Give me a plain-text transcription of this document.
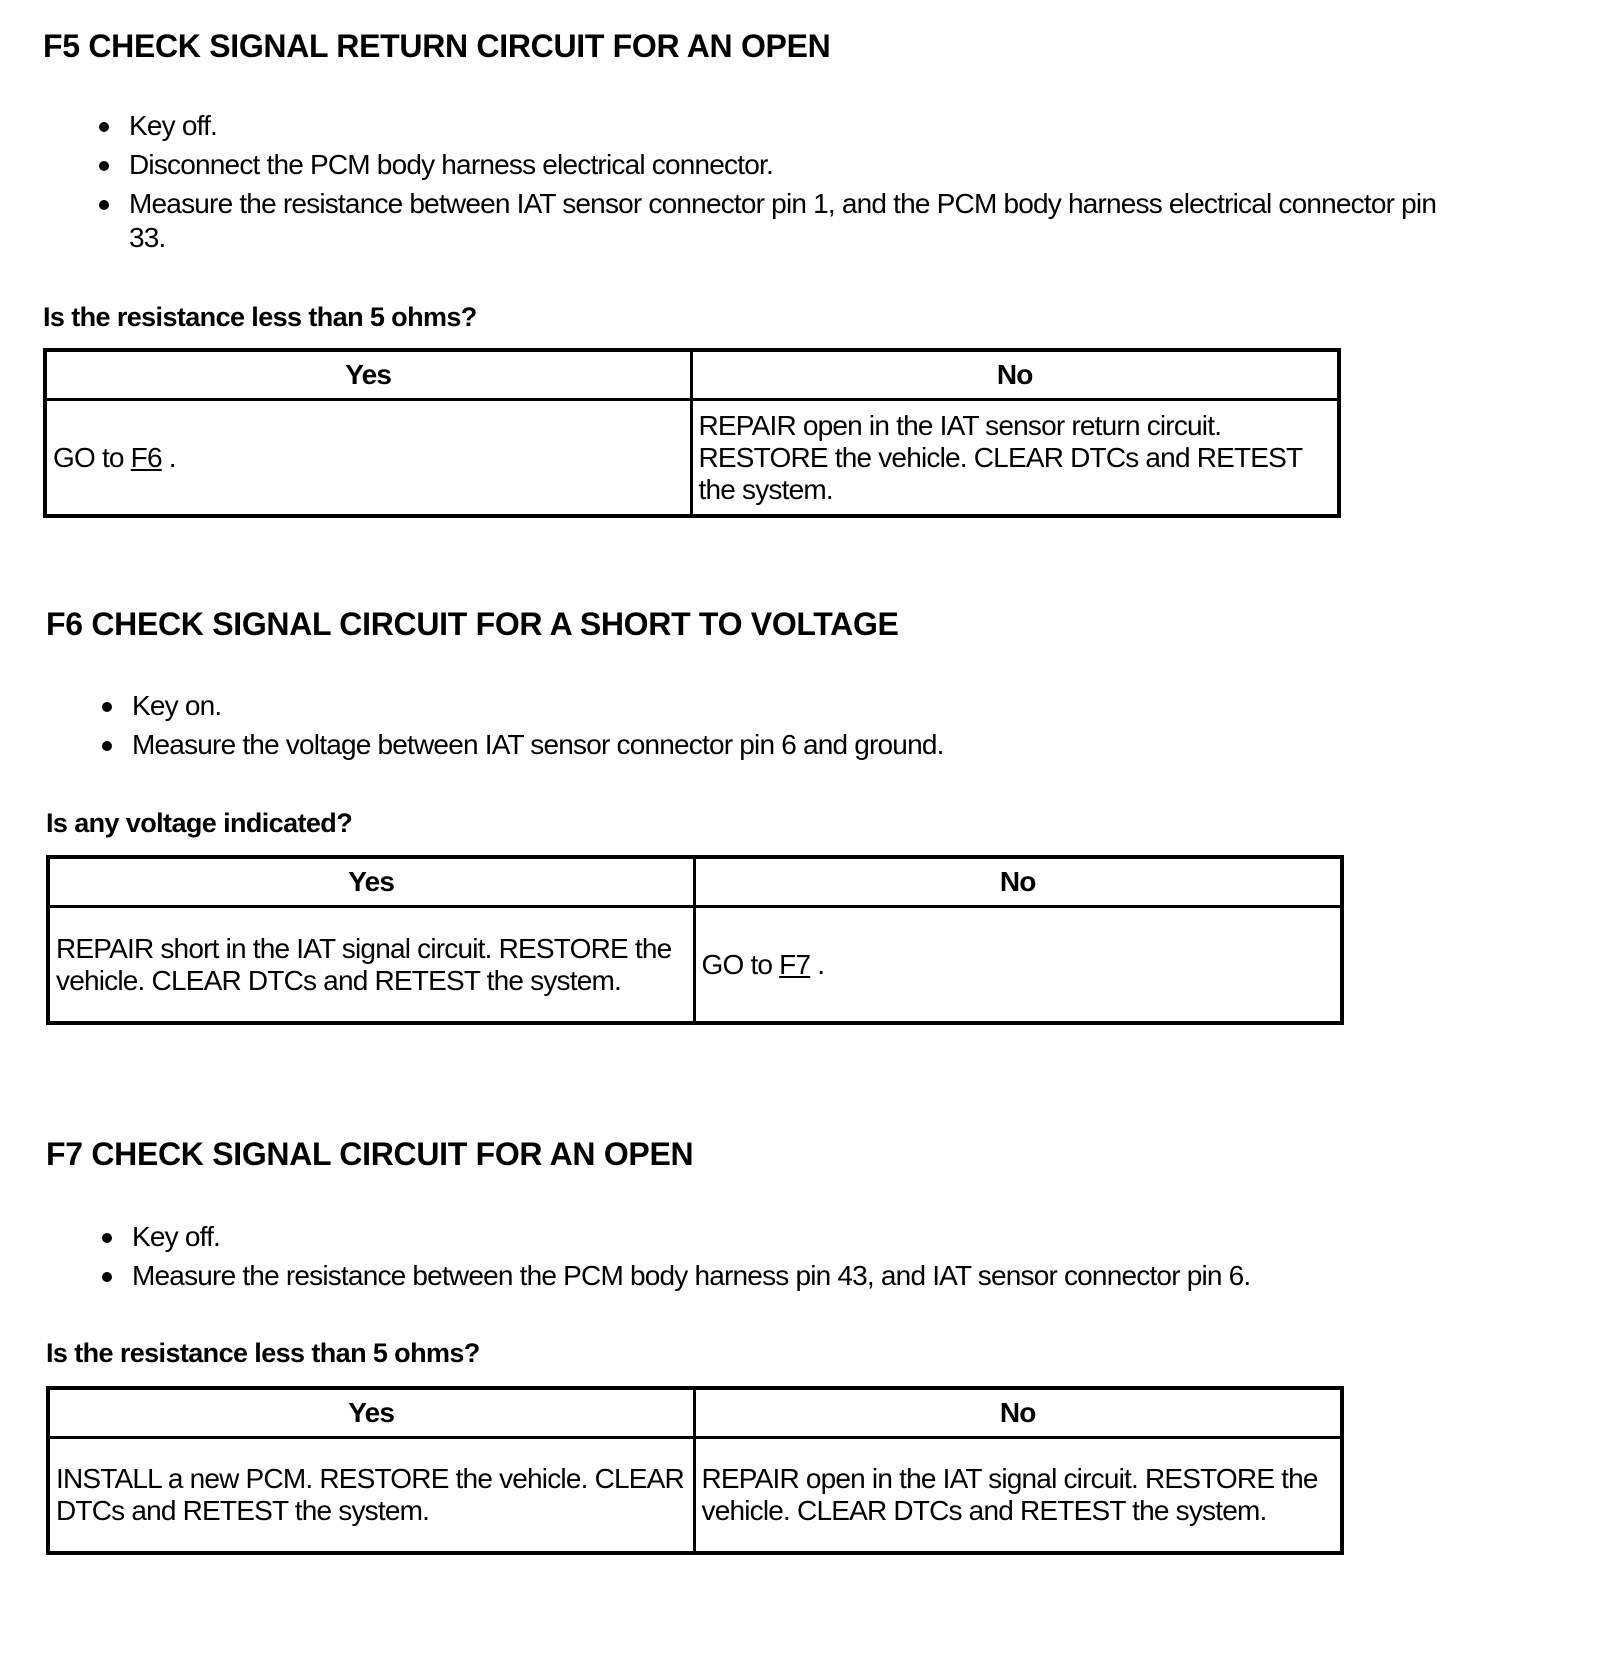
F5 CHECK SIGNAL RETURN CIRCUIT FOR AN OPEN
Key off.
Disconnect the PCM body harness electrical connector.
Measure the resistance between IAT sensor connector pin 1, and the PCM body harness electrical connector pin 33.
Is the resistance less than 5 ohms?
Yes	No
GO to F6 .	REPAIR open in the IAT sensor return circuit. RESTORE the vehicle. CLEAR DTCs and RETEST the system.
F6 CHECK SIGNAL CIRCUIT FOR A SHORT TO VOLTAGE
Key on.
Measure the voltage between IAT sensor connector pin 6 and ground.
Is any voltage indicated?
Yes	No
REPAIR short in the IAT signal circuit. RESTORE the vehicle. CLEAR DTCs and RETEST the system.	GO to F7 .
F7 CHECK SIGNAL CIRCUIT FOR AN OPEN
Key off.
Measure the resistance between the PCM body harness pin 43, and IAT sensor connector pin 6.
Is the resistance less than 5 ohms?
Yes	No
INSTALL a new PCM. RESTORE the vehicle. CLEAR DTCs and RETEST the system.	REPAIR open in the IAT signal circuit. RESTORE the vehicle. CLEAR DTCs and RETEST the system.
